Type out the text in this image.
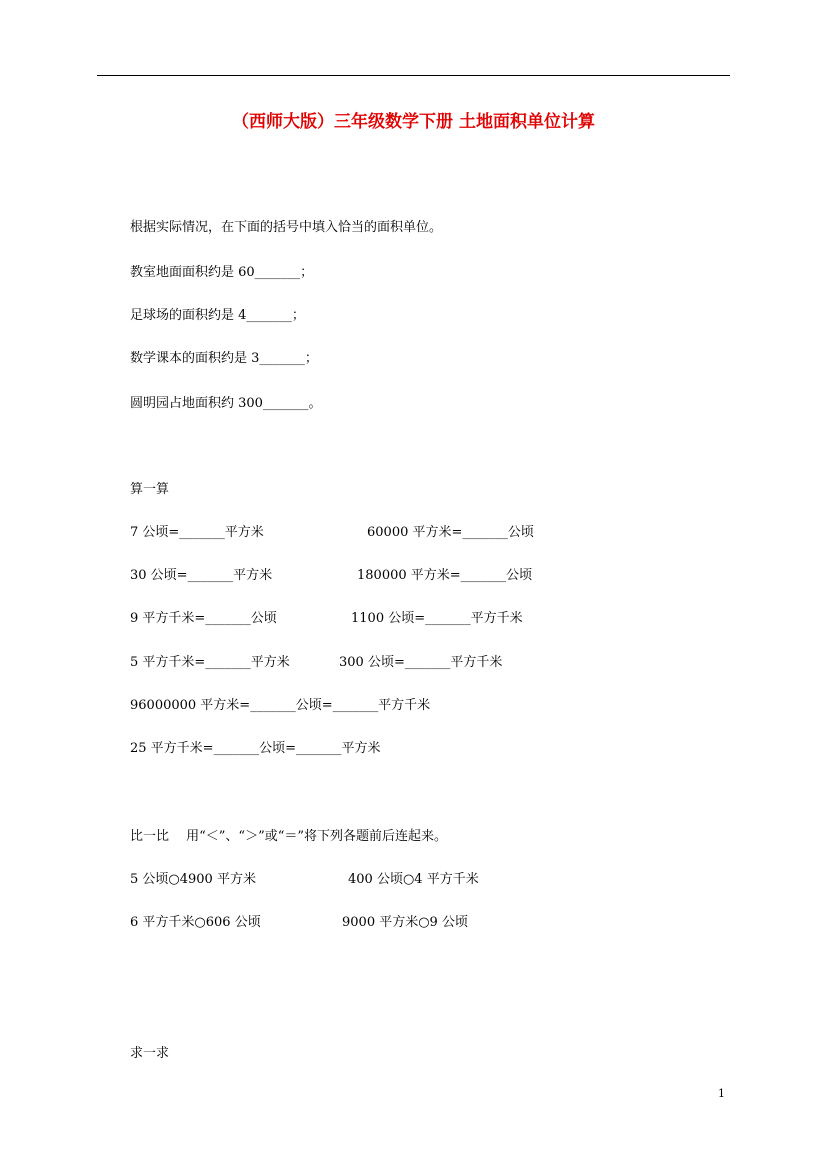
（西师大版）三年级数学下册 土地面积单位计算
根据实际情况，在下面的括号中填入恰当的面积单位。
教室地面面积约是 60_______；
足球场的面积约是 4_______；
数学课本的面积约是 3_______；
圆明园占地面积约 300_______。
算一算
7 公顷=_______平方米	60000 平方米=_______公顷
30 公顷=_______平方米	180000 平方米=_______公顷
9 平方千米=_______公顷	1100 公顷=_______平方千米
5 平方千米=_______平方米	300 公顷=_______平方千米
96000000 平方米=_______公顷=_______平方千米
25 平方千米=_______公顷=_______平方米
比一比　 用“＜”、“＞”或“＝”将下列各题前后连起来。
5 公顷○4900 平方米	400 公顷○4 平方千米
6 平方千米○606 公顷	9000 平方米○9 公顷
求一求
1
